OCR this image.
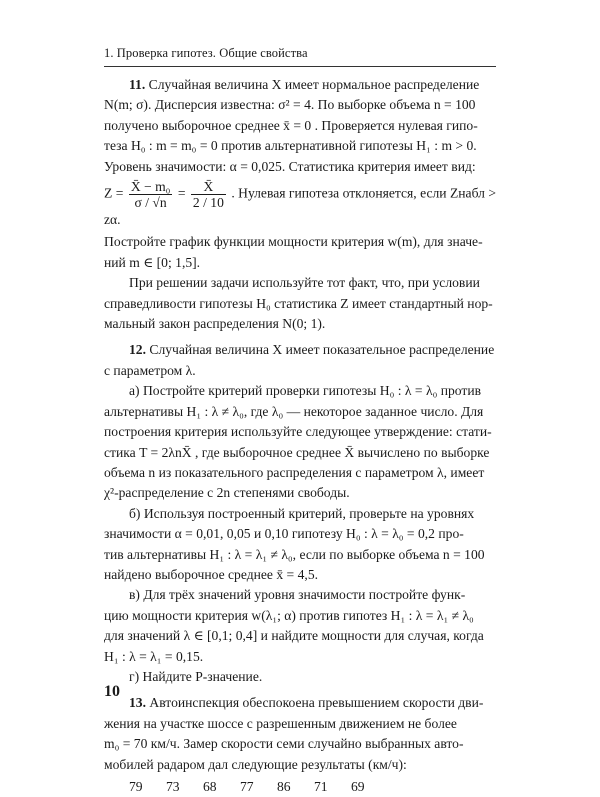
1. Проверка гипотез. Общие свойства

11. Случайная величина X имеет нормальное распределение

N(m; σ). Дисперсия известна: σ² = 4. По выборке объема n = 100

получено выборочное среднее x̄ = 0 . Проверяется нулевая гипо-

теза H₀ : m = m₀ = 0 против альтернативной гипотезы H₁ : m > 0.

Уровень значимости: α = 0,025. Статистика критерия имеет вид:

$Z = \frac{\text{X̄ − m₀}}{\sigma / √n} = \frac{X̄}{2 / 10}$ . Нулевая гипотеза отклоняется, если Zнабл > zα.

Постройте график функции мощности критерия w(m), для значе-

ний m ∈ [0; 1,5].

При решении задачи используйте тот факт, что, при условии

справедливости гипотезы H₀ статистика Z имеет стандартный нор-

мальный закон распределения N(0; 1).

12. Случайная величина X имеет показательное распределение

с параметром λ.

а) Постройте критерий проверки гипотезы H₀ : λ = λ₀ против

альтернативы H₁ : λ ≠ λ₀, где λ₀ — некоторое заданное число. Для

построения критерия используйте следующее утверждение: стати-

стика T = 2λnX̄ , где выборочное среднее X̄ вычислено по выборке

объема n из показательного распределения с параметром λ, имеет

χ²-распределение с 2n степенями свободы.

б) Используя построенный критерий, проверьте на уровнях

значимости α = 0,01, 0,05 и 0,10 гипотезу H₀ : λ = λ₀ = 0,2 про-

тив альтернативы H₁ : λ = λ₁ ≠ λ₀, если по выборке объема n = 100

найдено выборочное среднее x̄ = 4,5.

в) Для трёх значений уровня значимости постройте функ-

цию мощности критерия w(λ₁; α) против гипотез H₁ : λ = λ₁ ≠ λ₀

для значений λ ∈ [0,1; 0,4] и найдите мощности для случая, когда

H₁ : λ = λ₁ = 0,15.

г) Найдите P-значение.

13. Автоинспекция обеспокоена превышением скорости дви-

жения на участке шоссе с разрешенным движением не более

m₀ = 70 км/ч. Замер скорости семи случайно выбранных авто-

мобилей радаром дал следующие результаты (км/ч):

79	73	68	77	86	71	69
10
